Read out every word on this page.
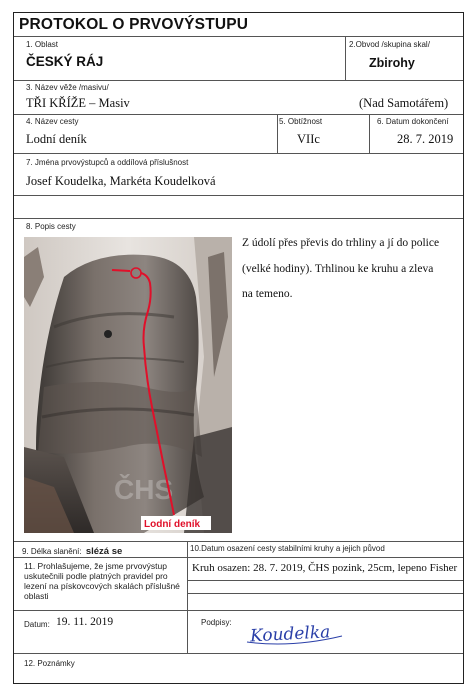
PROTOKOL O PRVOVÝSTUPU
1. Oblast
ČESKÝ RÁJ
2.Obvod /skupina skal/
Zbirohy
3. Název věže /masivu/
TŘI KŘÍŽE – Masiv	(Nad Samotářem)
4. Název cesty
Lodní deník
5. Obtížnost
VIIc
6. Datum dokončení
28. 7. 2019
7. Jména prvovýstupců a oddílová příslušnost
Josef Koudelka, Markéta Koudelková
8. Popis cesty
Z údolí přes převis do trhliny a jí do police
(velké hodiny). Trhlinou ke kruhu a zleva
na temeno.
ČHS
Lodní deník
9. Délka slanění: slézá se	10.Datum osazení cesty stabilními kruhy a jejich původ
Kruh osazen: 28. 7. 2019, ČHS pozink, 25cm, lepeno Fisher
11. Prohlašujeme, že jsme prvovýstup
uskutečnili podle platných pravidel pro
lezení na pískovcových skalách příslušné
oblasti
Datum: 19. 11. 2019	Podpisy: Koudelka
12. Poznámky
